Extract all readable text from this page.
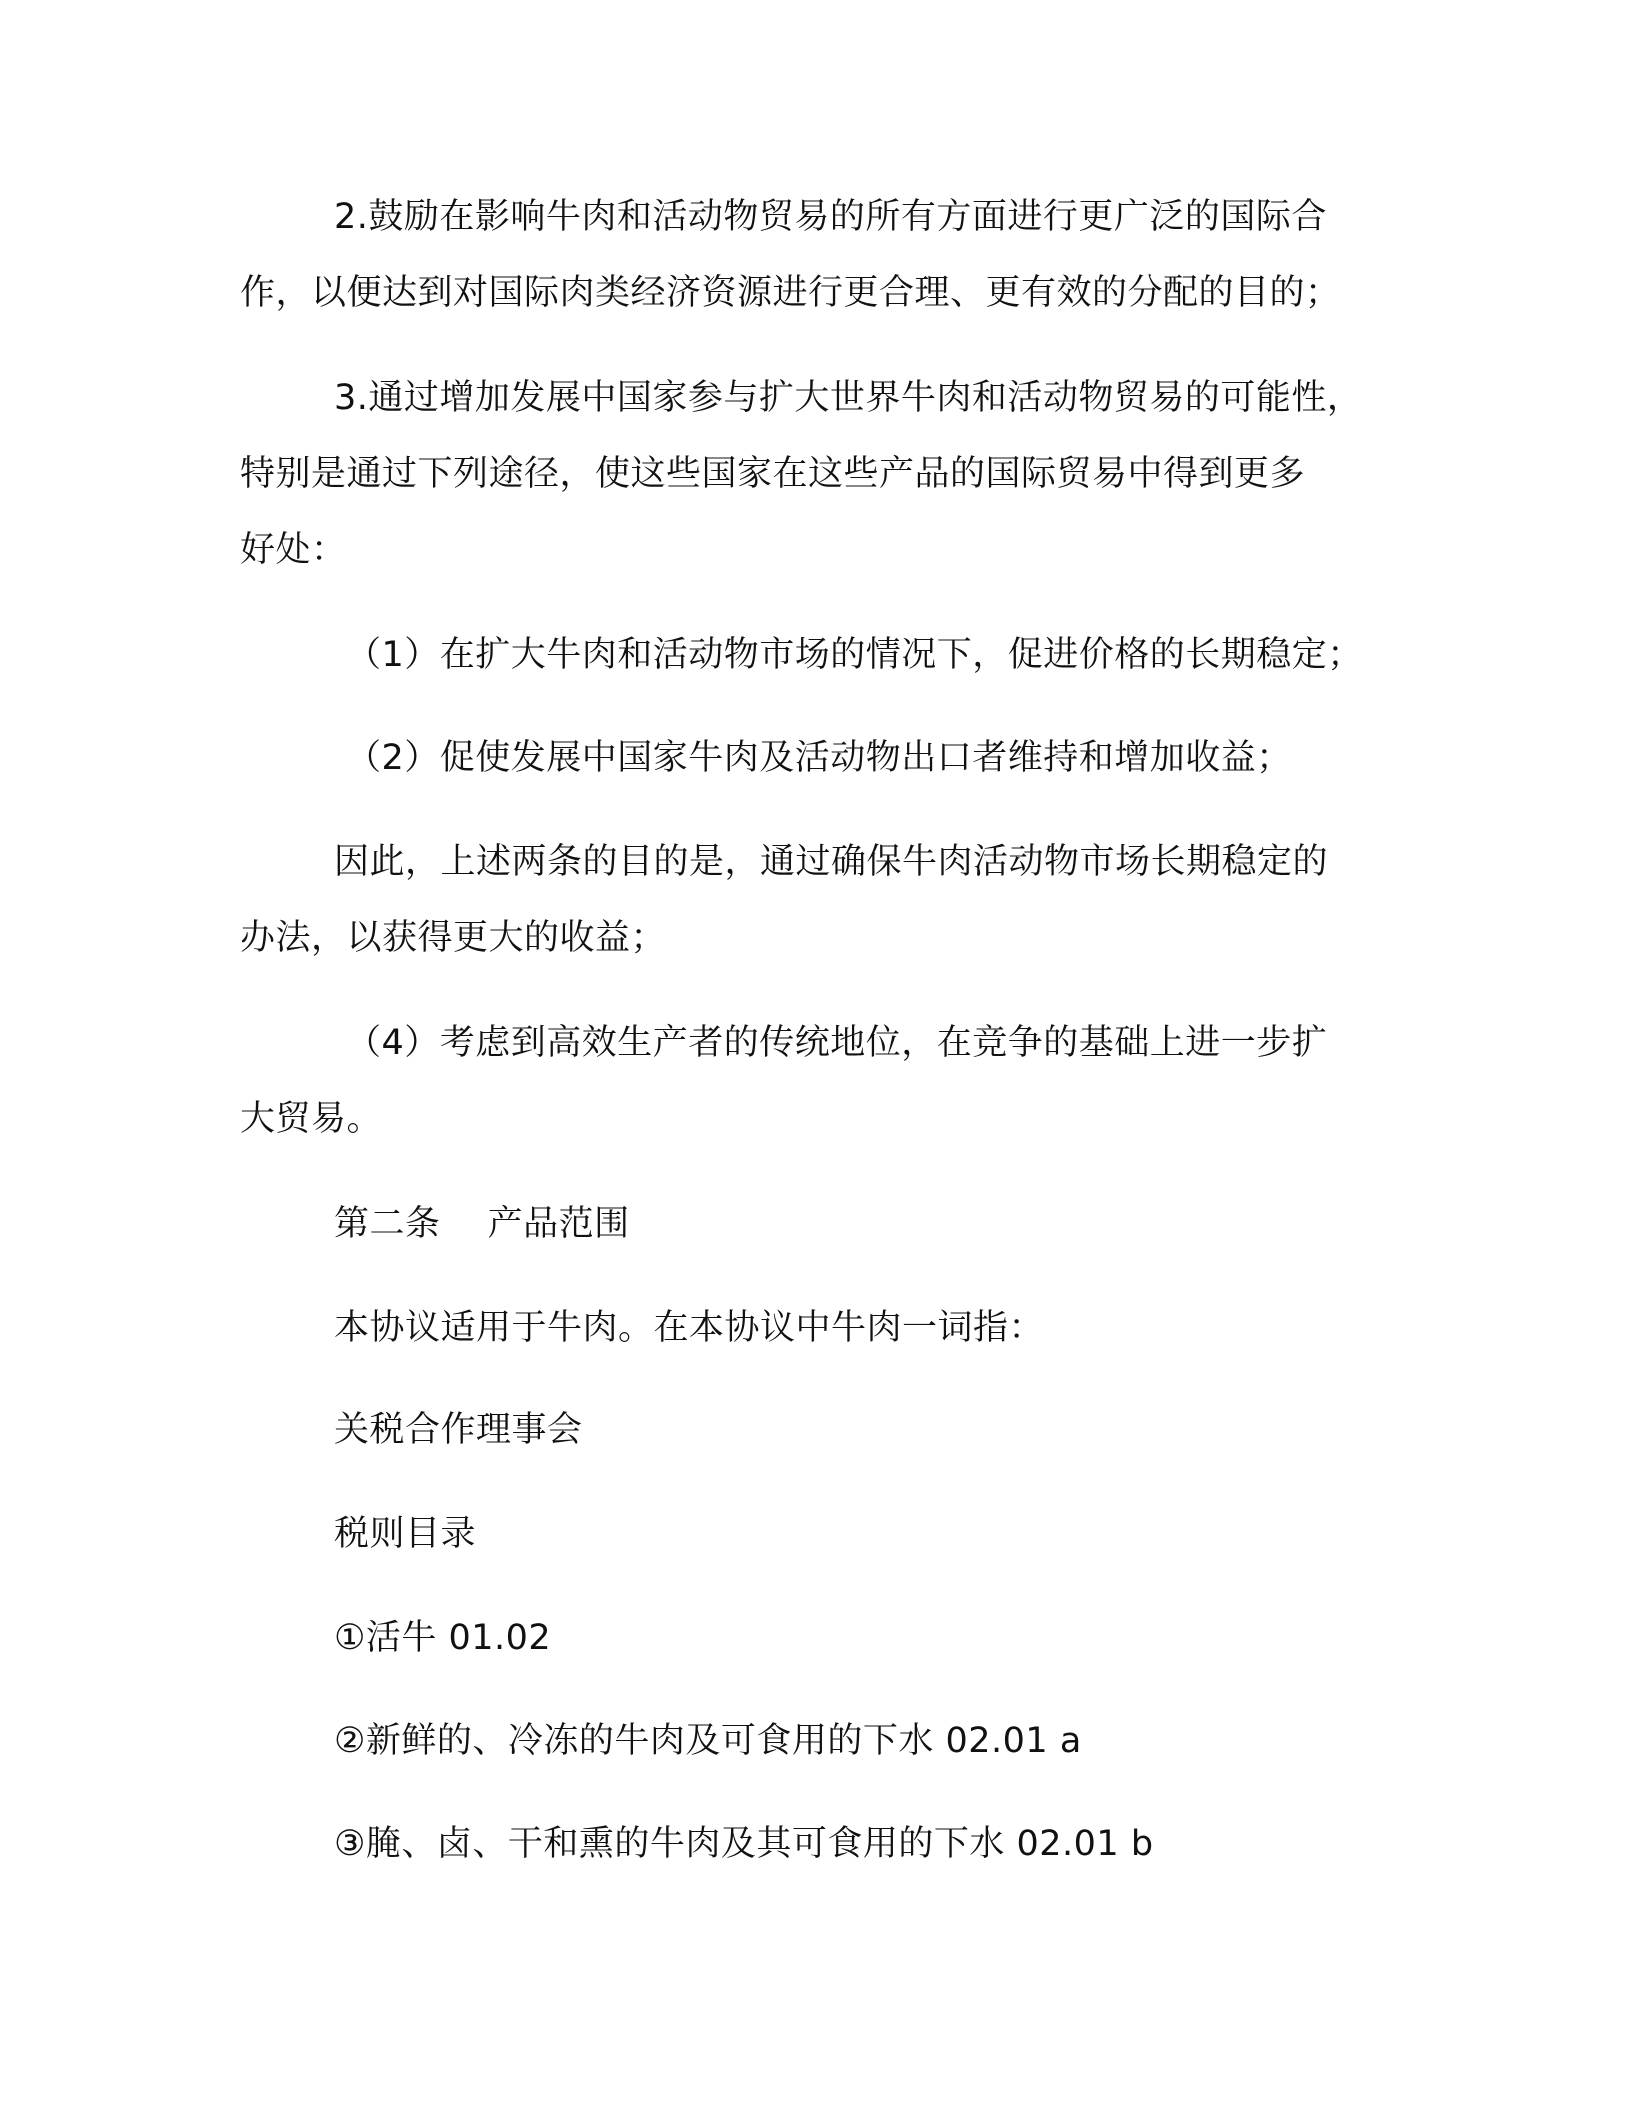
2.鼓励在影响牛肉和活动物贸易的所有方面进行更广泛的国际合
作，以便达到对国际肉类经济资源进行更合理、更有效的分配的目的；
3.通过增加发展中国家参与扩大世界牛肉和活动物贸易的可能性，
特别是通过下列途径，使这些国家在这些产品的国际贸易中得到更多
好处：
（1）在扩大牛肉和活动物市场的情况下，促进价格的长期稳定；
（2）促使发展中国家牛肉及活动物出口者维持和增加收益；
因此，上述两条的目的是，通过确保牛肉活动物市场长期稳定的
办法，以获得更大的收益；
（4）考虑到高效生产者的传统地位，在竞争的基础上进一步扩
大贸易。
第二条　 产品范围
本协议适用于牛肉。在本协议中牛肉一词指：
关税合作理事会
税则目录
①活牛 01.02
②新鲜的、冷冻的牛肉及可食用的下水 02.01 a
③腌、卤、干和熏的牛肉及其可食用的下水 02.01 b
